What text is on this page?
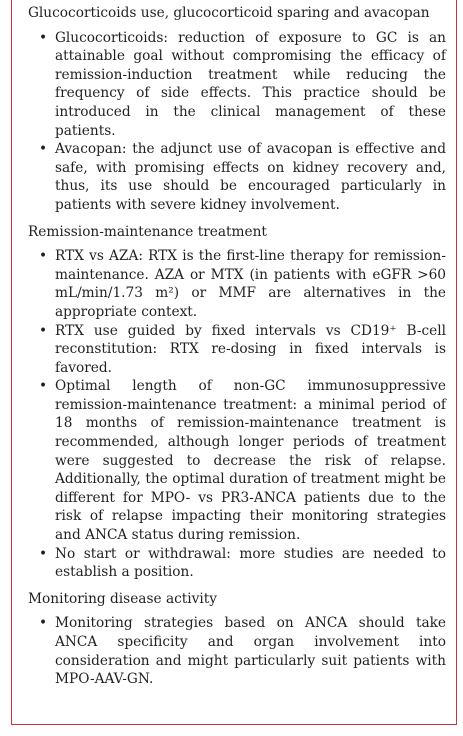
Glucocorticoids use, glucocorticoid sparing and avacopan
• Glucocorticoids: reduction of exposure to GC is an attainable goal without compromising the efficacy of remission-induction treatment while reducing the frequency of side effects. This practice should be introduced in the clinical management of these patients.
• Avacopan: the adjunct use of avacopan is effective and safe, with promising effects on kidney recovery and, thus, its use should be encouraged particularly in patients with severe kidney involvement.
Remission-maintenance treatment
• RTX vs AZA: RTX is the first-line therapy for remission-maintenance. AZA or MTX (in patients with eGFR >60 mL/min/1.73 m²) or MMF are alternatives in the appropriate context.
• RTX use guided by fixed intervals vs CD19⁺ B-cell reconstitution: RTX re-dosing in fixed intervals is favored.
• Optimal length of non-GC immunosuppressive remission-maintenance treatment: a minimal period of 18 months of remission-maintenance treatment is recommended, although longer periods of treatment were suggested to decrease the risk of relapse. Additionally, the optimal duration of treatment might be different for MPO- vs PR3-ANCA patients due to the risk of relapse impacting their monitoring strategies and ANCA status during remission.
• No start or withdrawal: more studies are needed to establish a position.
Monitoring disease activity
• Monitoring strategies based on ANCA should take ANCA specificity and organ involvement into consideration and might particularly suit patients with MPO-AAV-GN.
